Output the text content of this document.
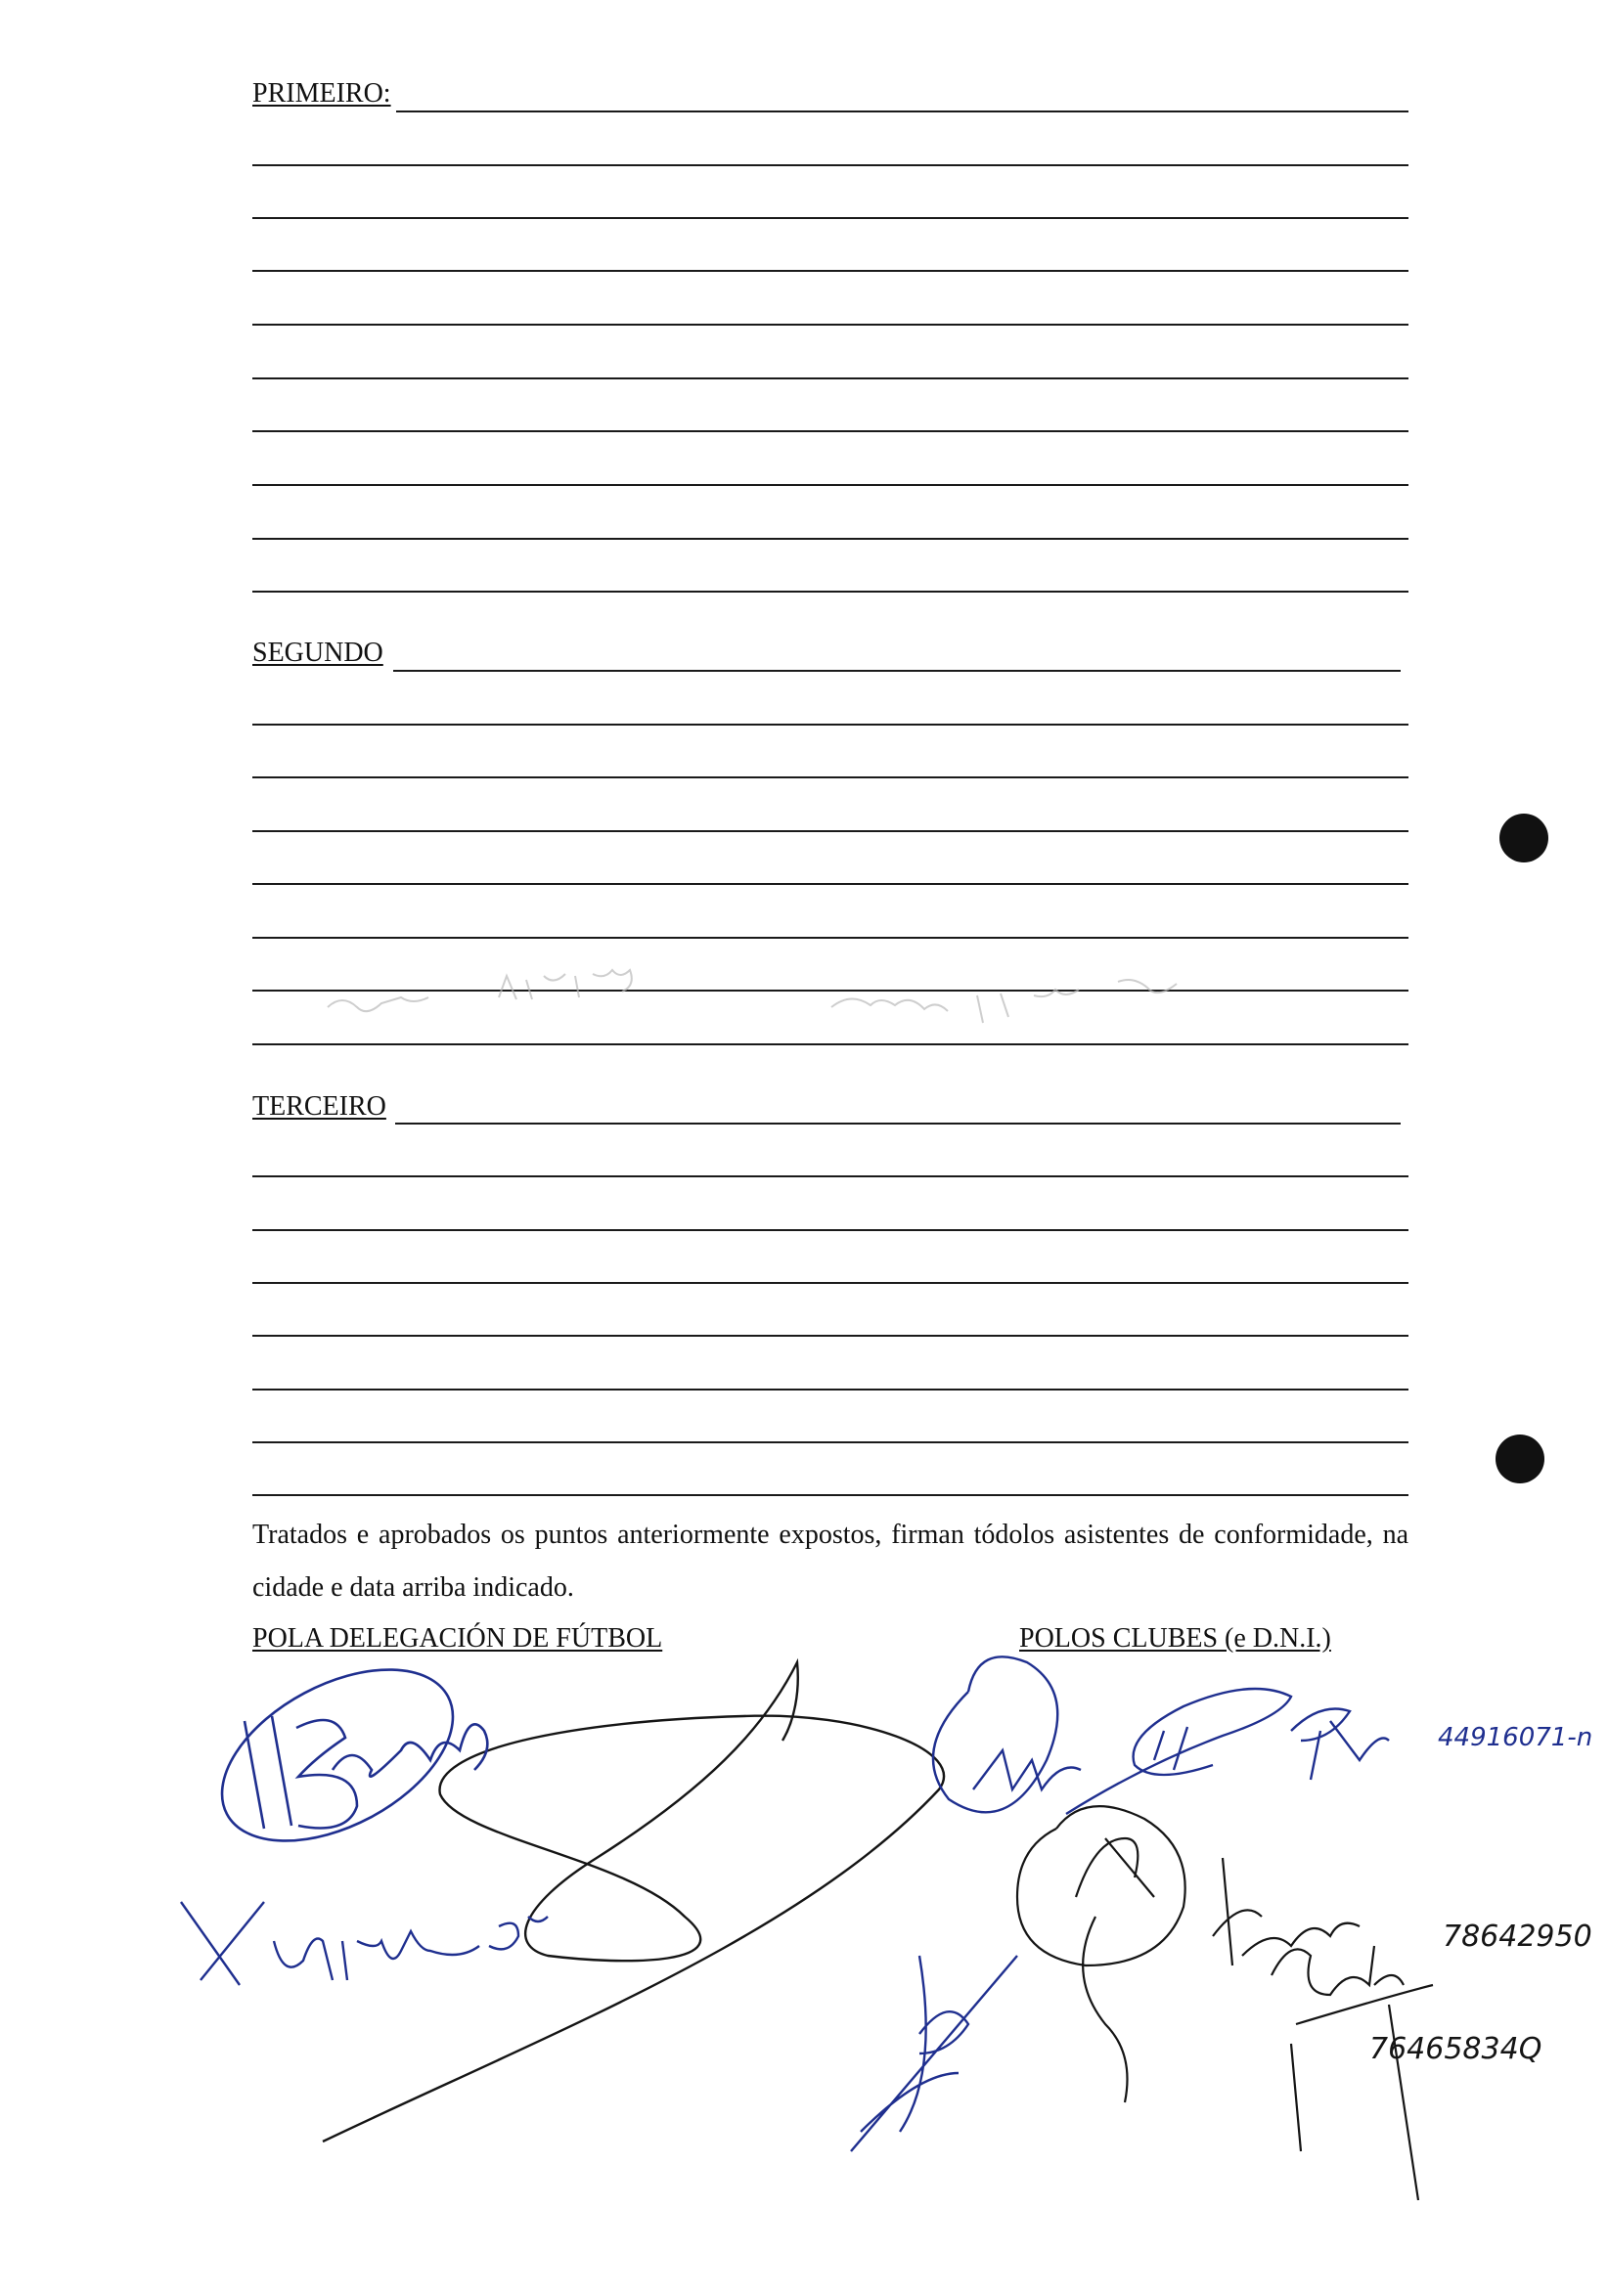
PRIMEIRO:
SEGUNDO
TERCEIRO
Tratados e aprobados os puntos anteriormente expostos, firman tódolos asistentes de conformidade, na cidade e data arriba indicado.
POLA DELEGACIÓN DE FÚTBOL	POLOS CLUBES (e D.N.I.)
44916071-n
78642950
76465834Q
